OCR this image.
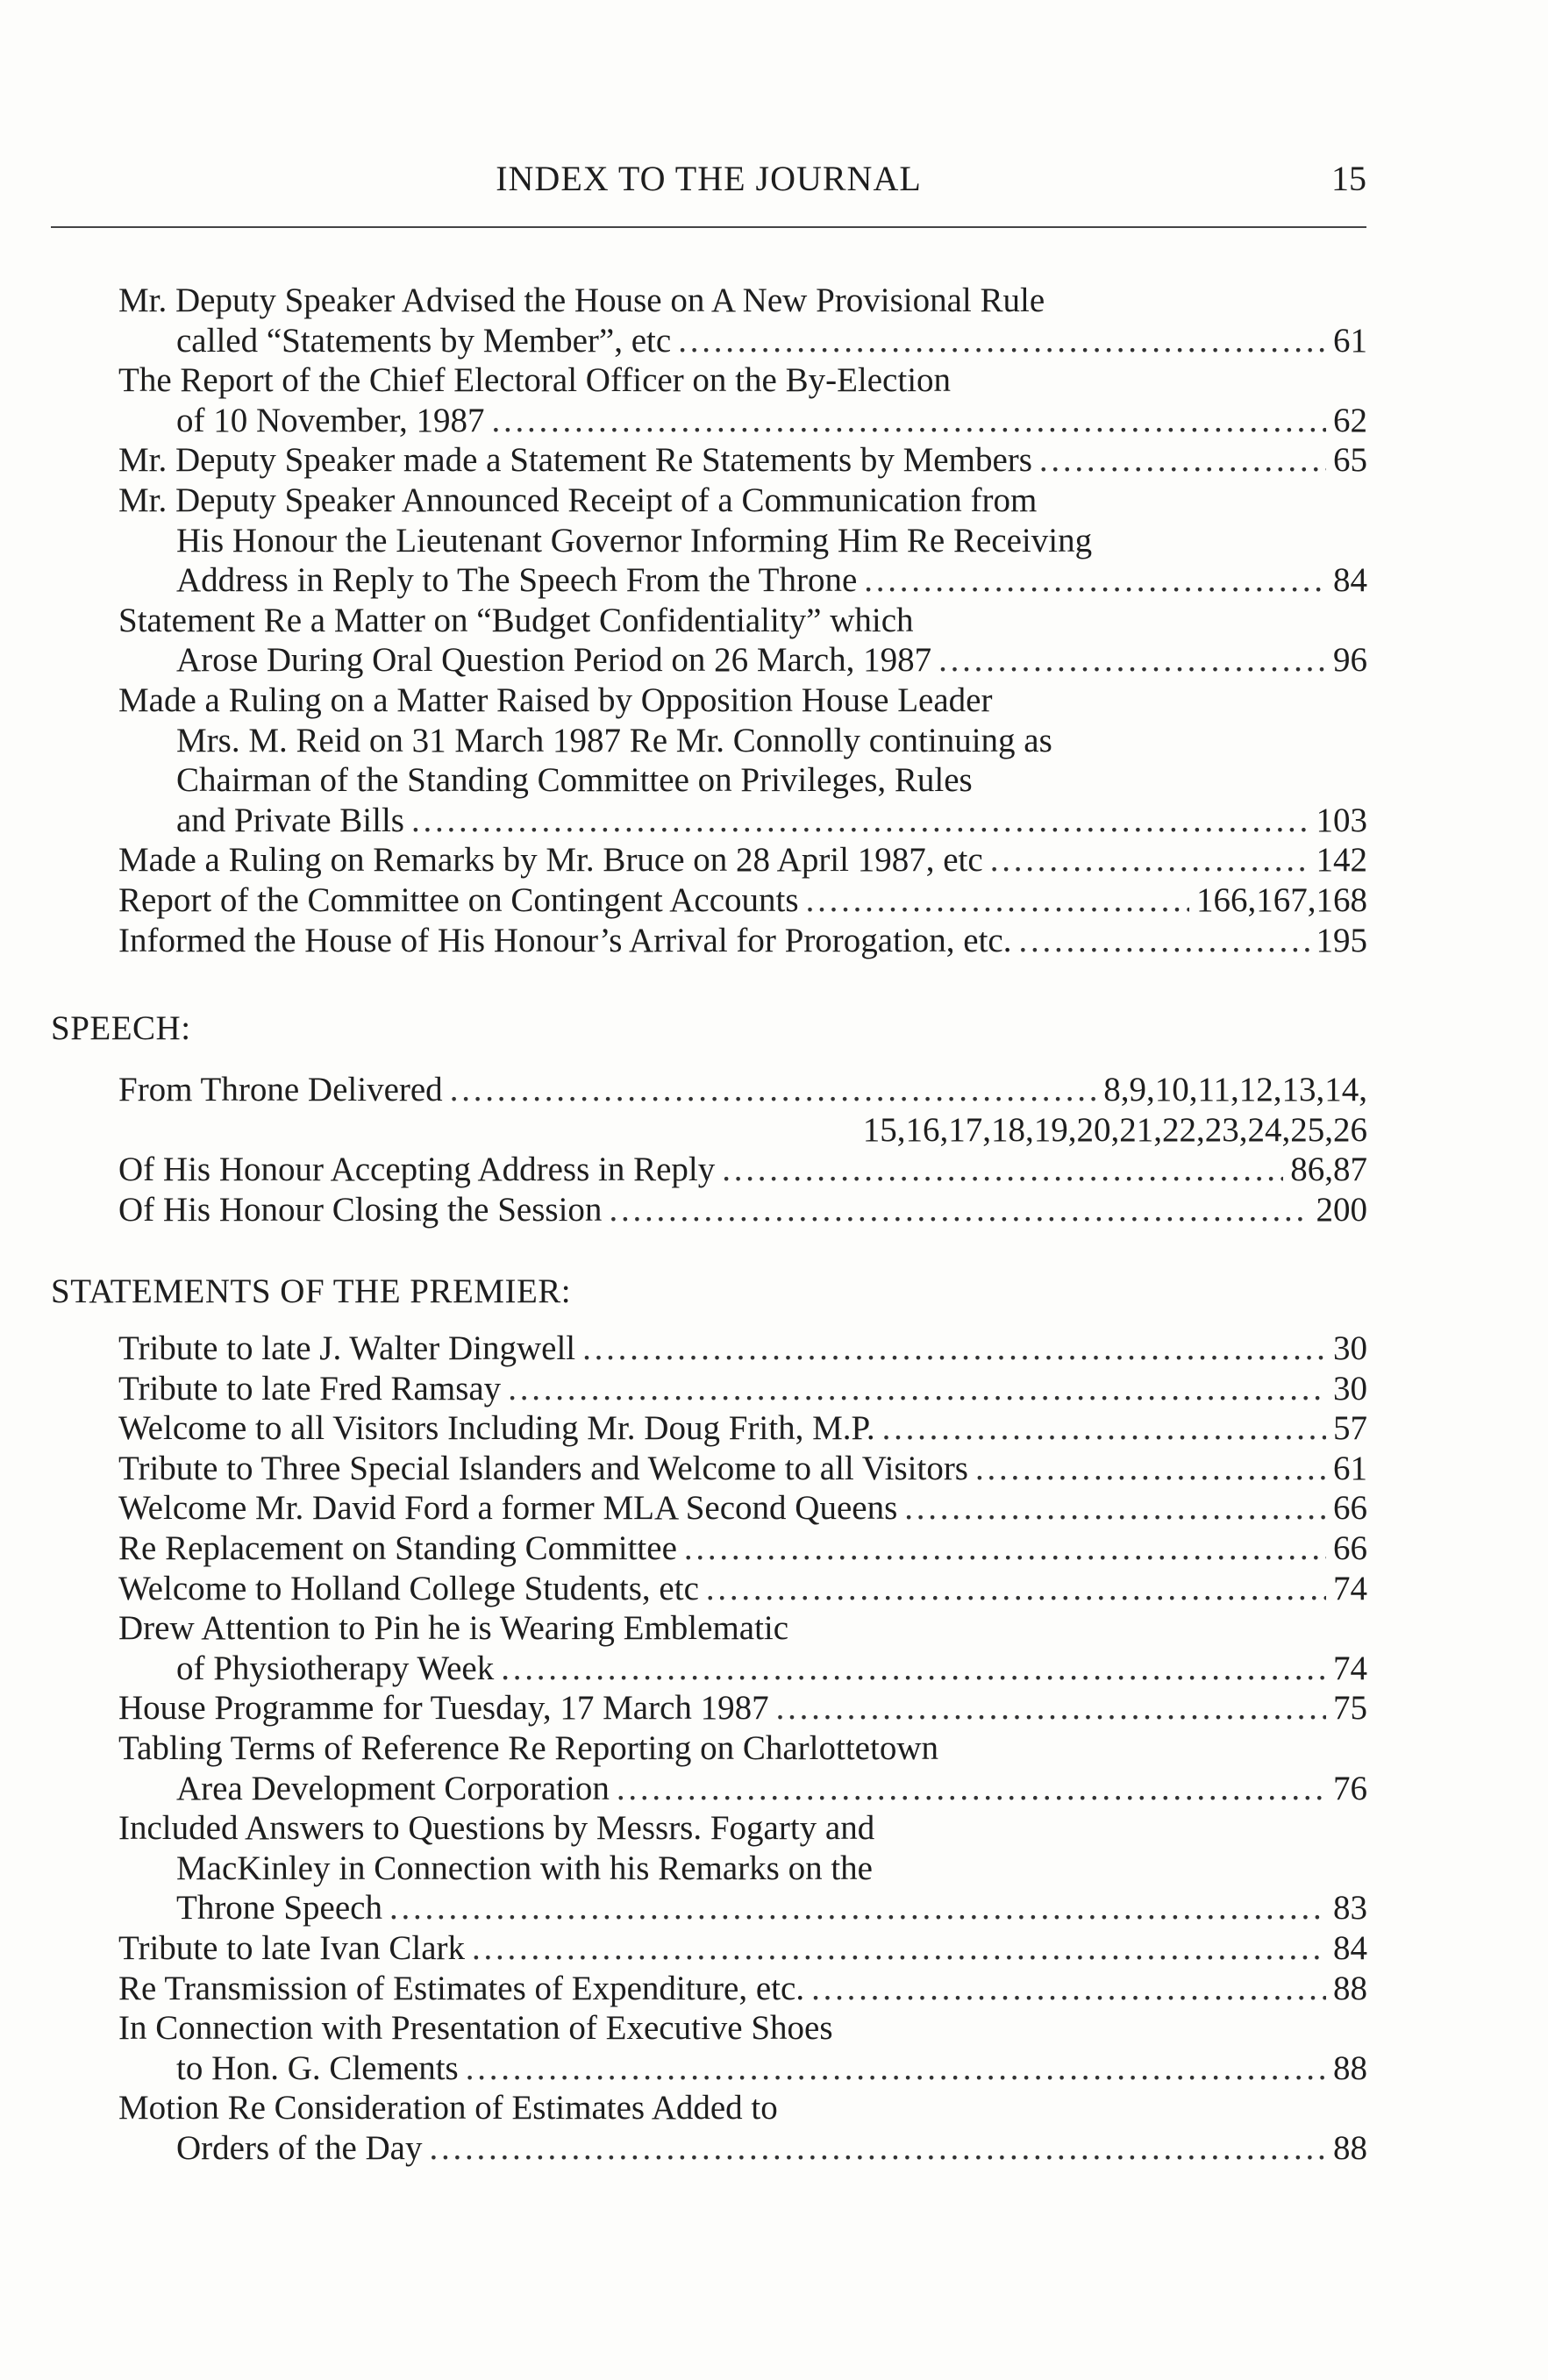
INDEX TO THE JOURNAL	15
Mr. Deputy Speaker Advised the House on A New Provisional Rule
called “Statements by Member”, etc . . .	61
The Report of the Chief Electoral Officer on the By-Election
of 10 November, 1987 . . .	62
Mr. Deputy Speaker made a Statement Re Statements by Members . . .	65
Mr. Deputy Speaker Announced Receipt of a Communication from
His Honour the Lieutenant Governor Informing Him Re Receiving
Address in Reply to The Speech From the Throne . . .	84
Statement Re a Matter on “Budget Confidentiality” which
Arose During Oral Question Period on 26 March, 1987 . . .	96
Made a Ruling on a Matter Raised by Opposition House Leader
Mrs. M. Reid on 31 March 1987 Re Mr. Connolly continuing as
Chairman of the Standing Committee on Privileges, Rules
and Private Bills . . .	103
Made a Ruling on Remarks by Mr. Bruce on 28 April 1987, etc . . .	142
Report of the Committee on Contingent Accounts . . .	166,167,168
Informed the House of His Honour’s Arrival for Prorogation, etc. . . .	195
SPEECH:
From Throne Delivered . . .	8,9,10,11,12,13,14,
15,16,17,18,19,20,21,22,23,24,25,26
Of His Honour Accepting Address in Reply . . .	86,87
Of His Honour Closing the Session . . .	200
STATEMENTS OF THE PREMIER:
Tribute to late J. Walter Dingwell . . .	30
Tribute to late Fred Ramsay . . .	30
Welcome to all Visitors Including Mr. Doug Frith, M.P. . . .	57
Tribute to Three Special Islanders and Welcome to all Visitors . . .	61
Welcome Mr. David Ford a former MLA Second Queens . . .	66
Re Replacement on Standing Committee . . .	66
Welcome to Holland College Students, etc . . .	74
Drew Attention to Pin he is Wearing Emblematic
of Physiotherapy Week . . .	74
House Programme for Tuesday, 17 March 1987 . . .	75
Tabling Terms of Reference Re Reporting on Charlottetown
Area Development Corporation . . .	76
Included Answers to Questions by Messrs. Fogarty and
MacKinley in Connection with his Remarks on the
Throne Speech . . .	83
Tribute to late Ivan Clark . . .	84
Re Transmission of Estimates of Expenditure, etc. . . .	88
In Connection with Presentation of Executive Shoes
to Hon. G. Clements . . .	88
Motion Re Consideration of Estimates Added to
Orders of the Day . . .	88
